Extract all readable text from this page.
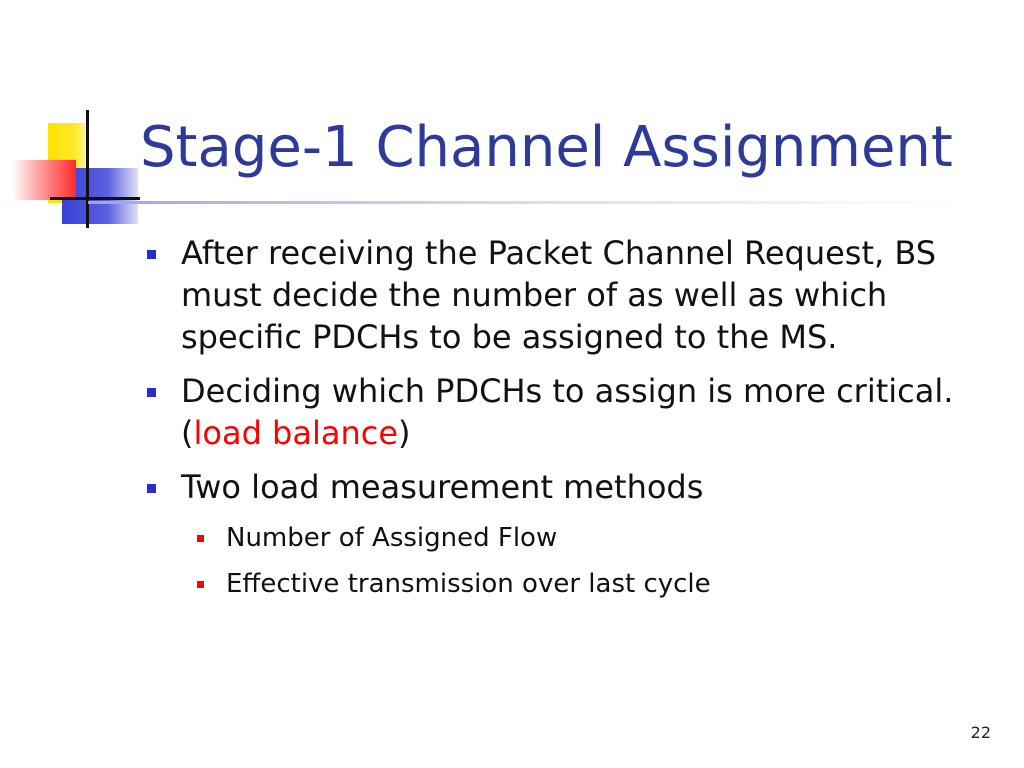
Stage-1 Channel Assignment
After receiving the Packet Channel Request, BS must decide the number of as well as which specific PDCHs to be assigned to the MS.
Deciding which PDCHs to assign is more critical. (load balance)
Two load measurement methods
Number of Assigned Flow
Effective transmission over last cycle
22
